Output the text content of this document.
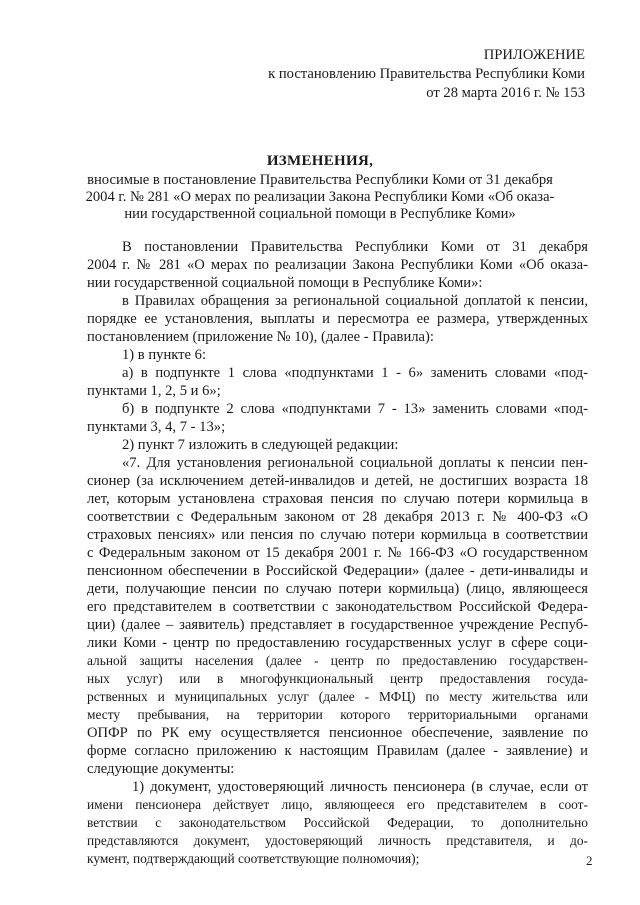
ПРИЛОЖЕНИЕ
к постановлению Правительства Республики Коми
от 28 марта 2016 г. № 153
ИЗМЕНЕНИЯ,
вносимые в постановление Правительства Республики Коми от 31 декабря
2004 г. № 281 «О мерах по реализации Закона Республики Коми «Об оказа-
нии государственной социальной помощи в Республике Коми»
В постановлении Правительства Республики Коми от 31 декабря
2004 г. № 281 «О мерах по реализации Закона Республики Коми «Об оказа-
нии государственной социальной помощи в Республике Коми»:
в Правилах обращения за региональной социальной доплатой к пенсии,
порядке ее установления, выплаты и пересмотра ее размера, утвержденных
постановлением (приложение № 10), (далее - Правила):
1) в пункте 6:
а) в подпункте 1 слова «подпунктами 1 - 6» заменить словами «под-
пунктами 1, 2, 5 и 6»;
б) в подпункте 2 слова «подпунктами 7 - 13» заменить словами «под-
пунктами 3, 4, 7 - 13»;
2) пункт 7 изложить в следующей редакции:
«7. Для установления региональной социальной доплаты к пенсии пен-
сионер (за исключением детей-инвалидов и детей, не достигших возраста 18
лет, которым установлена страховая пенсия по случаю потери кормильца в
соответствии с Федеральным законом от 28 декабря 2013 г. № 400-ФЗ «О
страховых пенсиях» или пенсия по случаю потери кормильца в соответствии
с Федеральным законом от 15 декабря 2001 г. № 166-ФЗ «О государственном
пенсионном обеспечении в Российской Федерации» (далее - дети-инвалиды и
дети, получающие пенсии по случаю потери кормильца) (лицо, являющееся
его представителем в соответствии с законодательством Российской Федера-
ции) (далее – заявитель) представляет в государственное учреждение Респуб-
лики Коми - центр по предоставлению государственных услуг в сфере соци-
альной защиты населения (далее - центр по предоставлению государствен-
ных услуг) или в многофункциональный центр предоставления госуда-
рственных и муниципальных услуг (далее - МФЦ) по месту жительства или
месту пребывания, на территории которого территориальными органами
ОПФР по РК ему осуществляется пенсионное обеспечение, заявление по
форме согласно приложению к настоящим Правилам (далее - заявление) и
следующие документы:
1) документ, удостоверяющий личность пенсионера (в случае, если от
имени пенсионера действует лицо, являющееся его представителем в соот-
ветствии с законодательством Российской Федерации, то дополнительно
представляются документ, удостоверяющий личность представителя, и до-
кумент, подтверждающий соответствующие полномочия);	2
